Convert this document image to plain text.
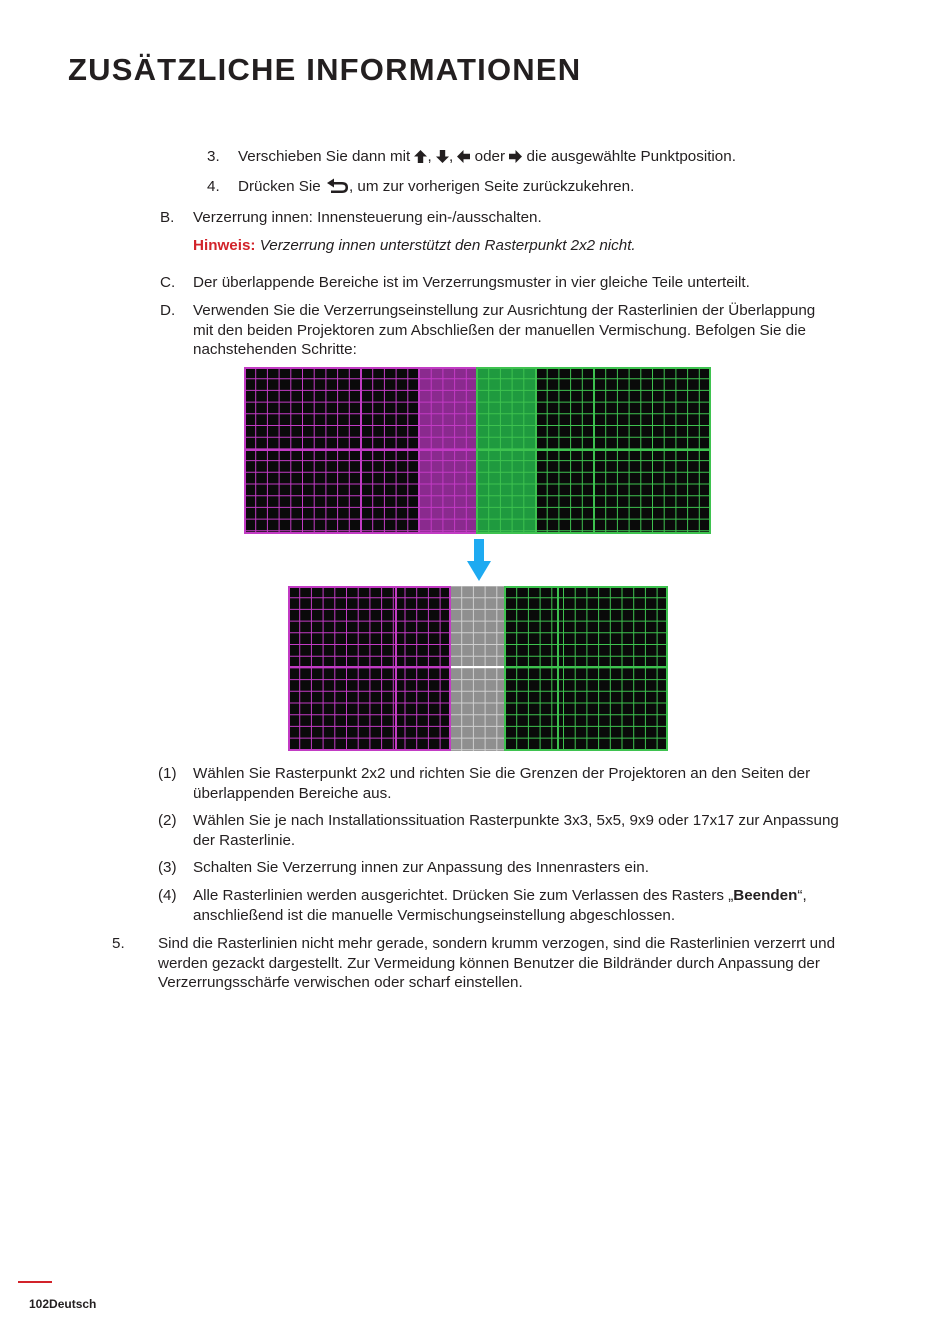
ZUSÄTZLICHE INFORMATIONEN
3. Verschieben Sie dann mit , , oder die ausgewählte Punktposition.
4. Drücken Sie , um zur vorherigen Seite zurückzukehren.
B. Verzerrung innen: Innensteuerung ein-/ausschalten.
Hinweis: Verzerrung innen unterstützt den Rasterpunkt 2x2 nicht.
C. Der überlappende Bereiche ist im Verzerrungsmuster in vier gleiche Teile unterteilt.
D. Verwenden Sie die Verzerrungseinstellung zur Ausrichtung der Rasterlinien der Überlappung
mit den beiden Projektoren zum Abschließen der manuellen Vermischung. Befolgen Sie die
nachstehenden Schritte:
(1) Wählen Sie Rasterpunkt 2x2 und richten Sie die Grenzen der Projektoren an den Seiten der
überlappenden Bereiche aus.
(2) Wählen Sie je nach Installationssituation Rasterpunkte 3x3, 5x5, 9x9 oder 17x17 zur Anpassung
der Rasterlinie.
(3) Schalten Sie Verzerrung innen zur Anpassung des Innenrasters ein.
(4) Alle Rasterlinien werden ausgerichtet. Drücken Sie zum Verlassen des Rasters „Beenden“,
anschließend ist die manuelle Vermischungseinstellung abgeschlossen.
5. Sind die Rasterlinien nicht mehr gerade, sondern krumm verzogen, sind die Rasterlinien verzerrt und
werden gezackt dargestellt. Zur Vermeidung können Benutzer die Bildränder durch Anpassung der
Verzerrungsschärfe verwischen oder scharf einstellen.
102Deutsch
